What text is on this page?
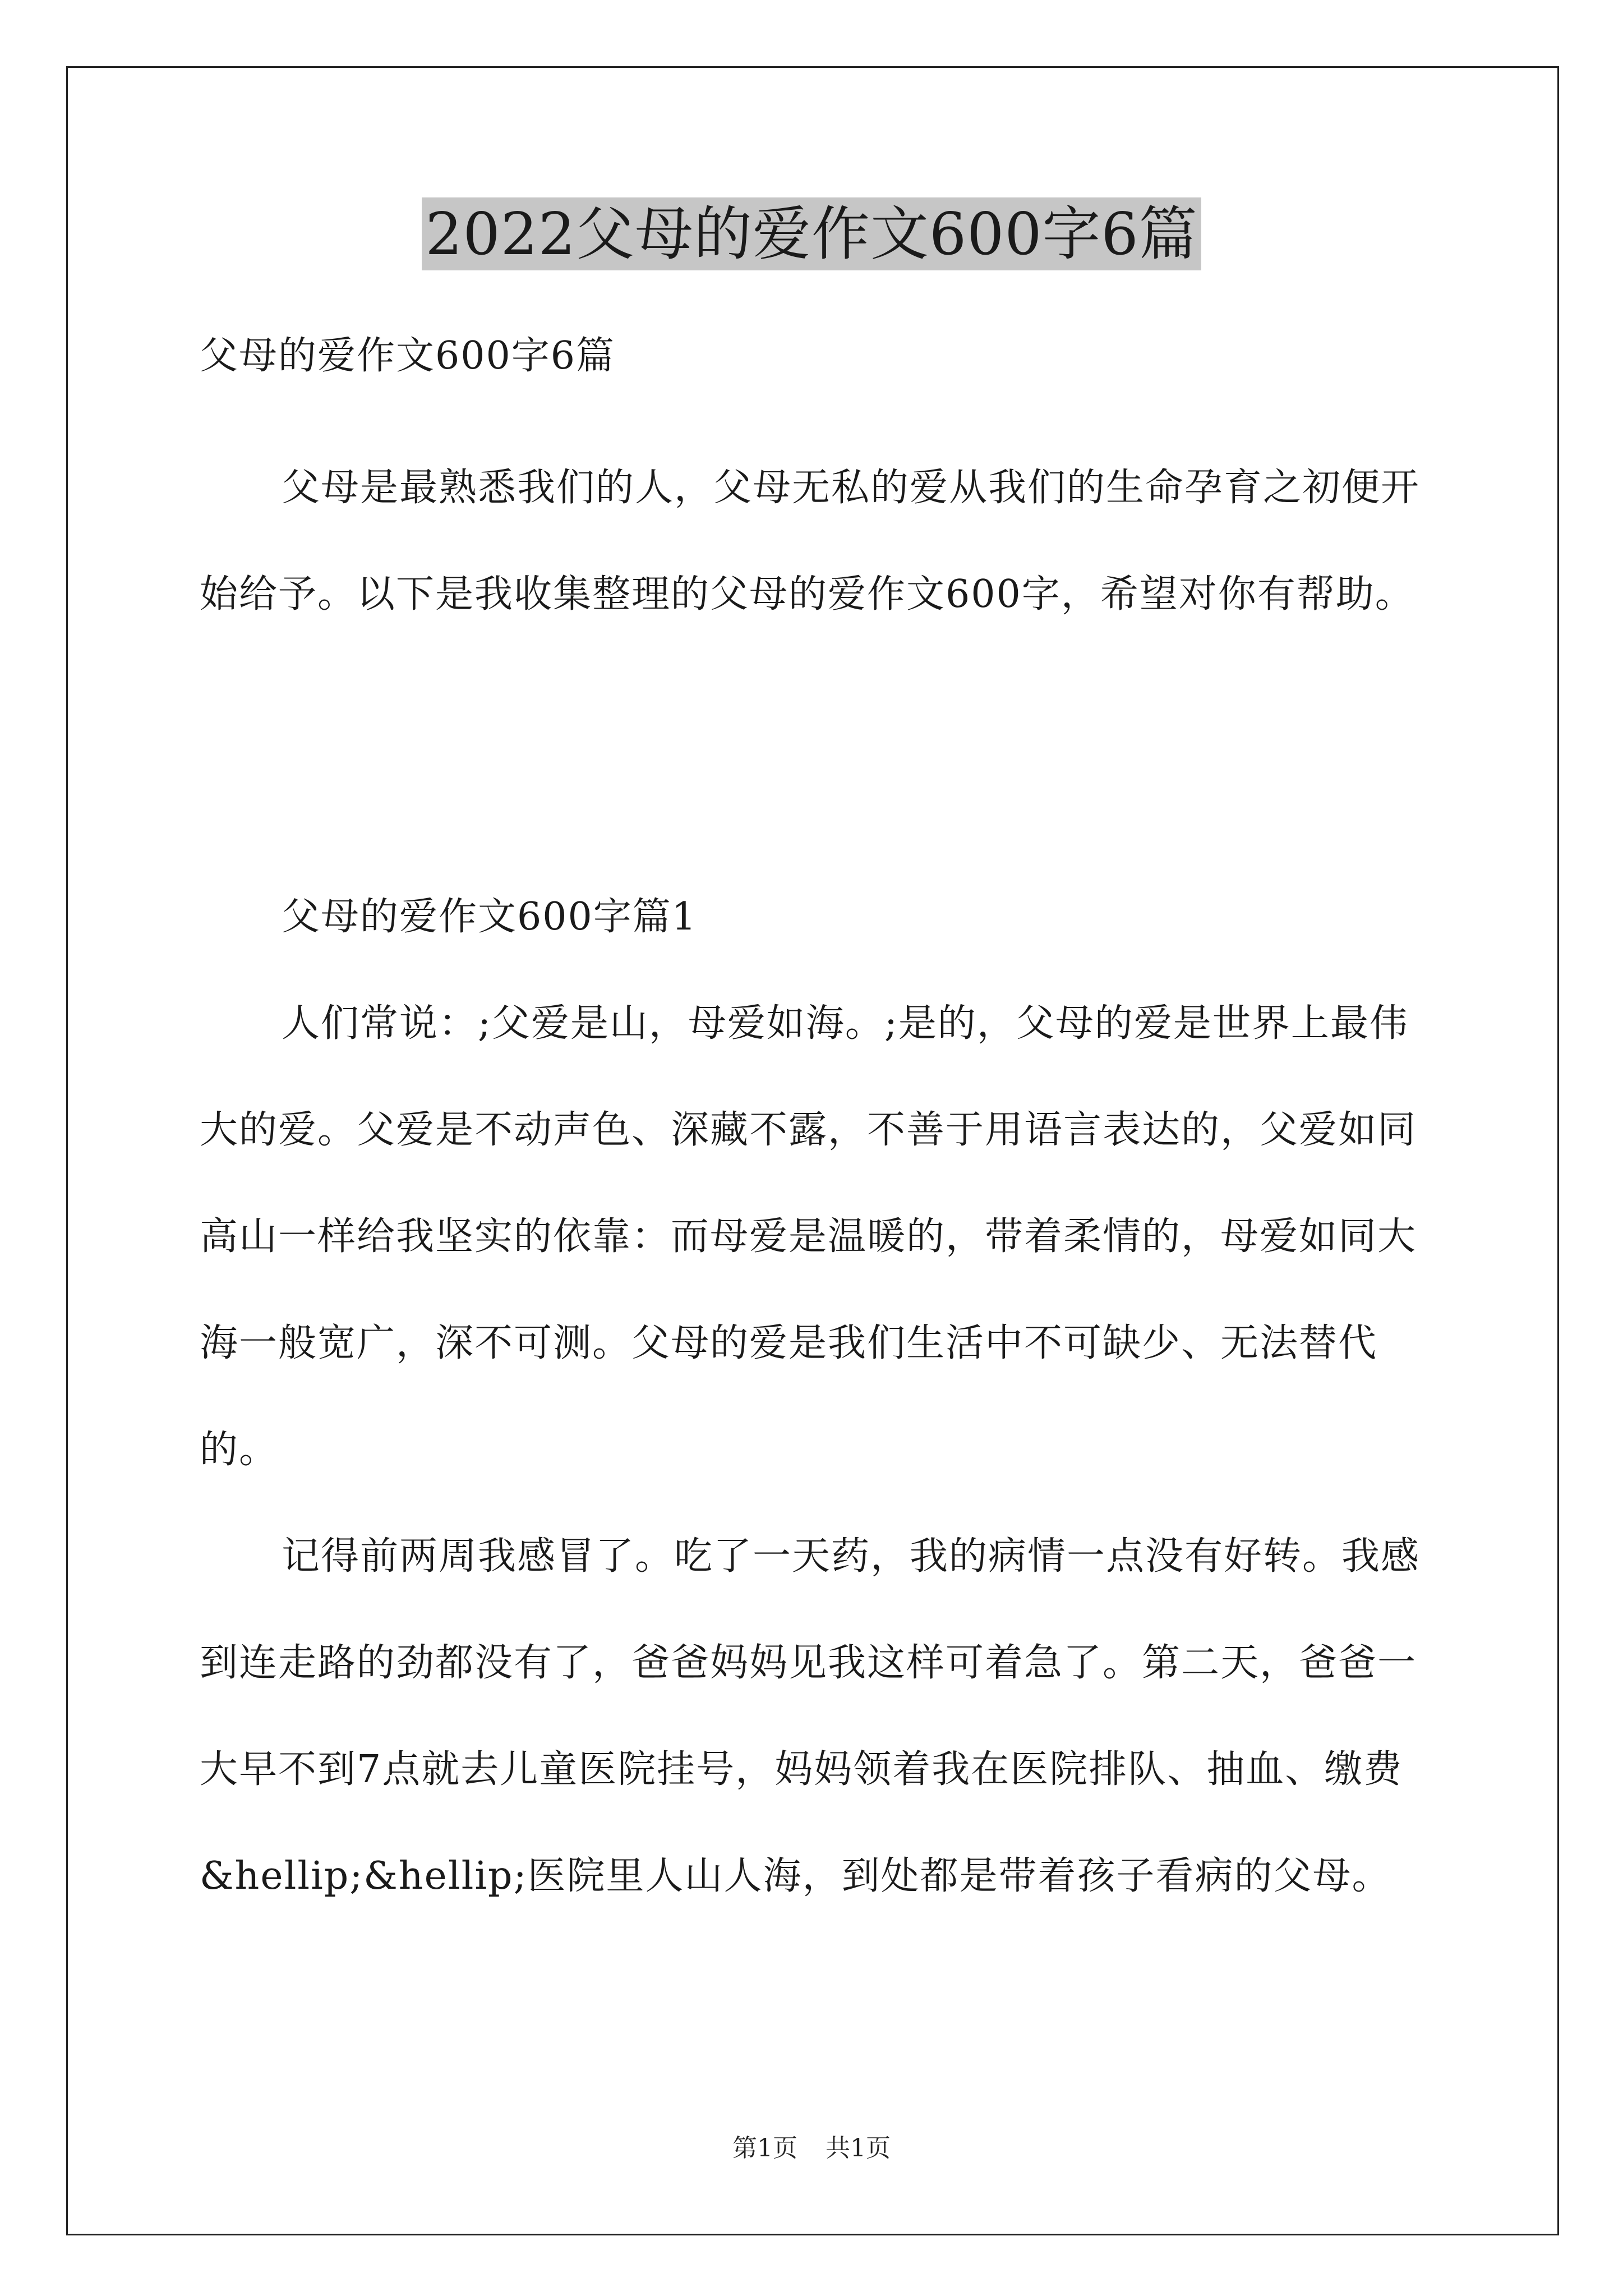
2022父母的爱作文600字6篇

父母的爱作文600字6篇

父母是最熟悉我们的人，父母无私的爱从我们的生命孕育之初便开始给予。以下是我收集整理的父母的爱作文600字，希望对你有帮助。

父母的爱作文600字篇1

人们常说：;父爱是山，母爱如海。;是的，父母的爱是世界上最伟大的爱。父爱是不动声色、深藏不露，不善于用语言表达的，父爱如同高山一样给我坚实的依靠：而母爱是温暖的，带着柔情的，母爱如同大海一般宽广，深不可测。父母的爱是我们生活中不可缺少、无法替代的。

记得前两周我感冒了。吃了一天药，我的病情一点没有好转。我感到连走路的劲都没有了，爸爸妈妈见我这样可着急了。第二天，爸爸一大早不到7点就去儿童医院挂号，妈妈领着我在医院排队、抽血、缴费&hellip;&hellip;医院里人山人海，到处都是带着孩子看病的父母。

第1页 共1页
